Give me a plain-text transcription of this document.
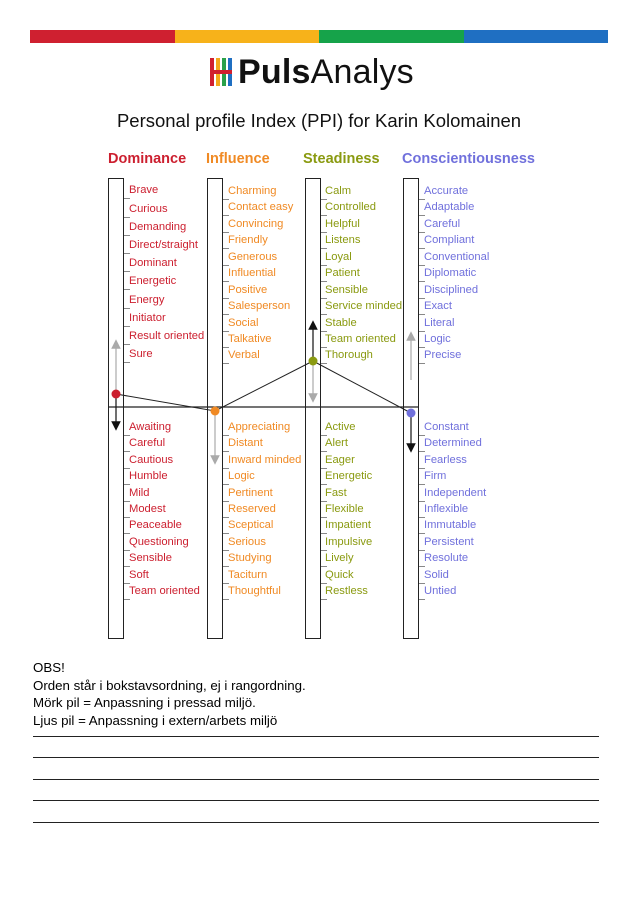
PulsAnalys
Personal profile Index (PPI) for Karin Kolomainen
Dominance
Brave
Curious
Demanding
Direct/straight
Dominant
Energetic
Energy
Initiator
Result oriented
Sure
Awaiting
Careful
Cautious
Humble
Mild
Modest
Peaceable
Questioning
Sensible
Soft
Team oriented
Influence
Charming
Contact easy
Convincing
Friendly
Generous
Influential
Positive
Salesperson
Social
Talkative
Verbal
Appreciating
Distant
Inward minded
Logic
Pertinent
Reserved
Sceptical
Serious
Studying
Taciturn
Thoughtful
Steadiness
Calm
Controlled
Helpful
Listens
Loyal
Patient
Sensible
Service minded
Stable
Team oriented
Thorough
Active
Alert
Eager
Energetic
Fast
Flexible
Impatient
Impulsive
Lively
Quick
Restless
Conscientiousness
Accurate
Adaptable
Careful
Compliant
Conventional
Diplomatic
Disciplined
Exact
Literal
Logic
Precise
Constant
Determined
Fearless
Firm
Independent
Inflexible
Immutable
Persistent
Resolute
Solid
Untied
OBS!
Orden står i bokstavsordning, ej i rangordning.
Mörk pil = Anpassning i pressad miljö.
Ljus pil = Anpassning i extern/arbets miljö
